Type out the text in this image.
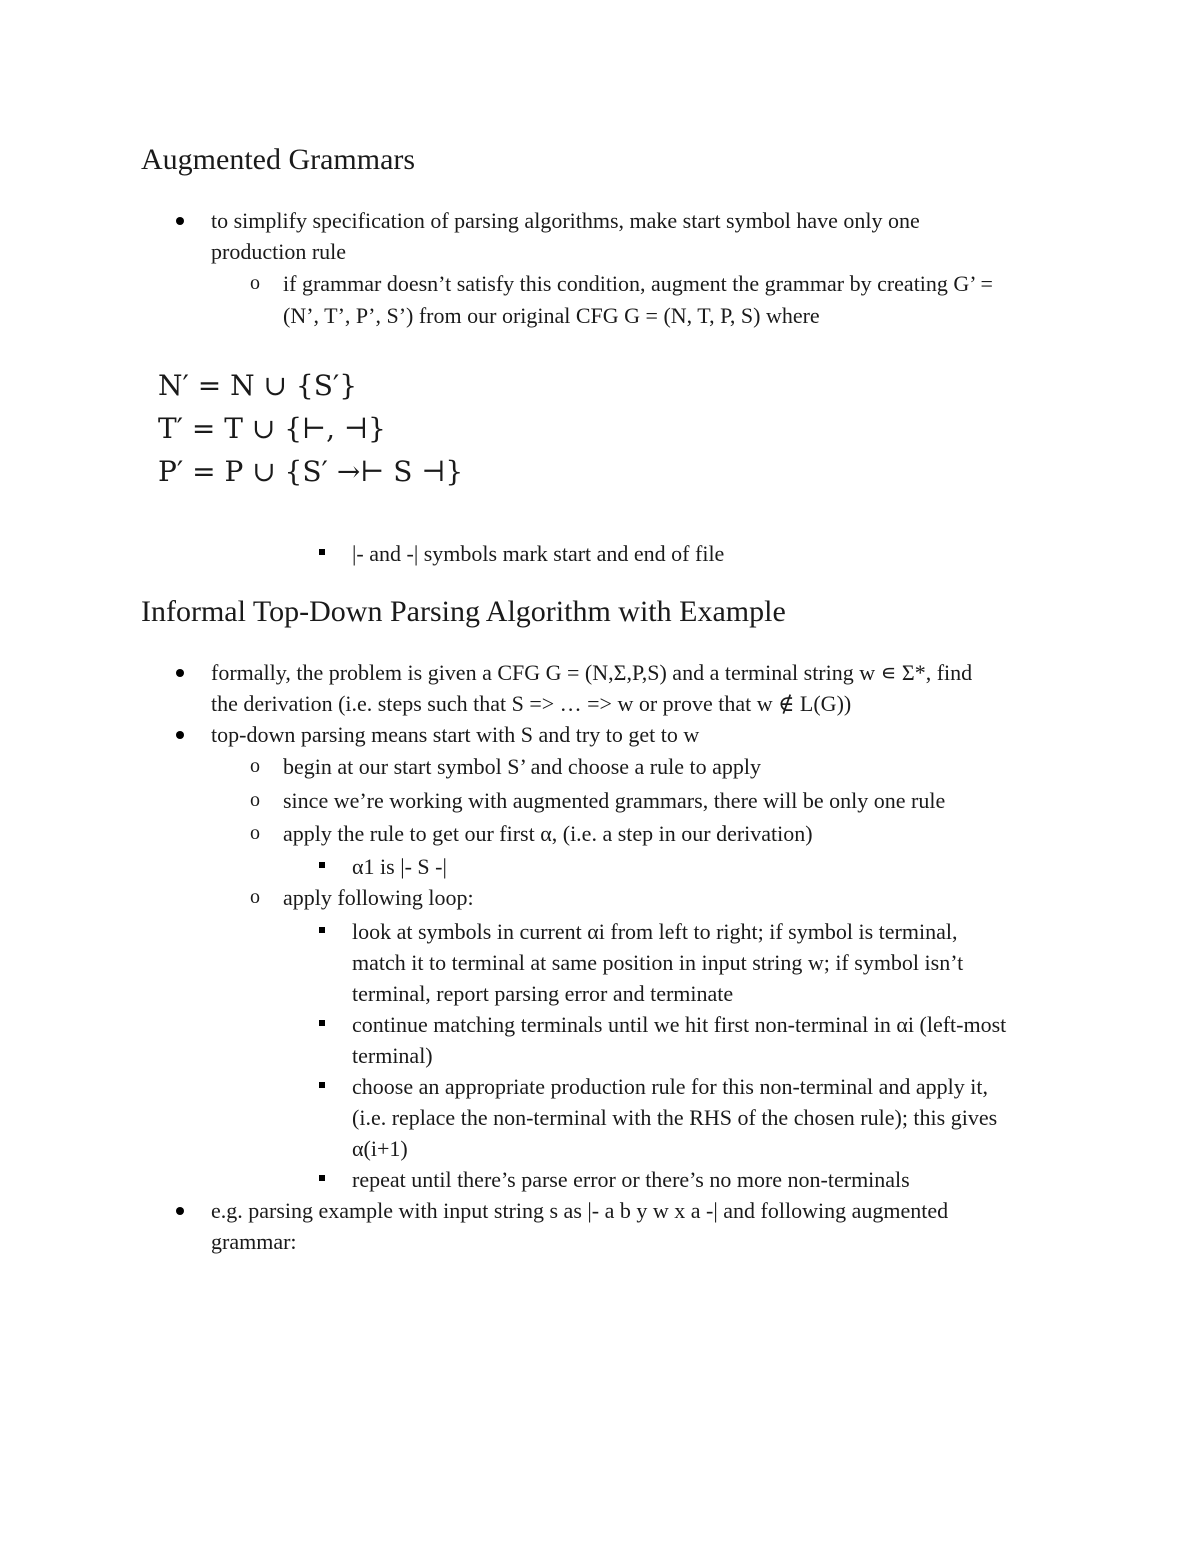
Augmented Grammars
to simplify specification of parsing algorithms, make start symbol have only one
production rule
o if grammar doesn’t satisfy this condition, augment the grammar by creating G’ =
(N’, T’, P’, S’) from our original CFG G = (N, T, P, S) where
N′ = N ∪ {S′}
T′ = T ∪ {⊢, ⊣}
P′ = P ∪ {S′ →⊢ S ⊣}
|- and -| symbols mark start and end of file
Informal Top-Down Parsing Algorithm with Example
formally, the problem is given a CFG G = (N,Σ,P,S) and a terminal string w ∊ Σ*, find
the derivation (i.e. steps such that S => … => w or prove that w ∉ L(G))
top-down parsing means start with S and try to get to w
o begin at our start symbol S’ and choose a rule to apply
o since we’re working with augmented grammars, there will be only one rule
o apply the rule to get our first α, (i.e. a step in our derivation)
α1 is |- S -|
o apply following loop:
look at symbols in current αi from left to right; if symbol is terminal,
match it to terminal at same position in input string w; if symbol isn’t
terminal, report parsing error and terminate
continue matching terminals until we hit first non-terminal in αi (left-most
terminal)
choose an appropriate production rule for this non-terminal and apply it,
(i.e. replace the non-terminal with the RHS of the chosen rule); this gives
α(i+1)
repeat until there’s parse error or there’s no more non-terminals
e.g. parsing example with input string s as |- a b y w x a -| and following augmented
grammar:
